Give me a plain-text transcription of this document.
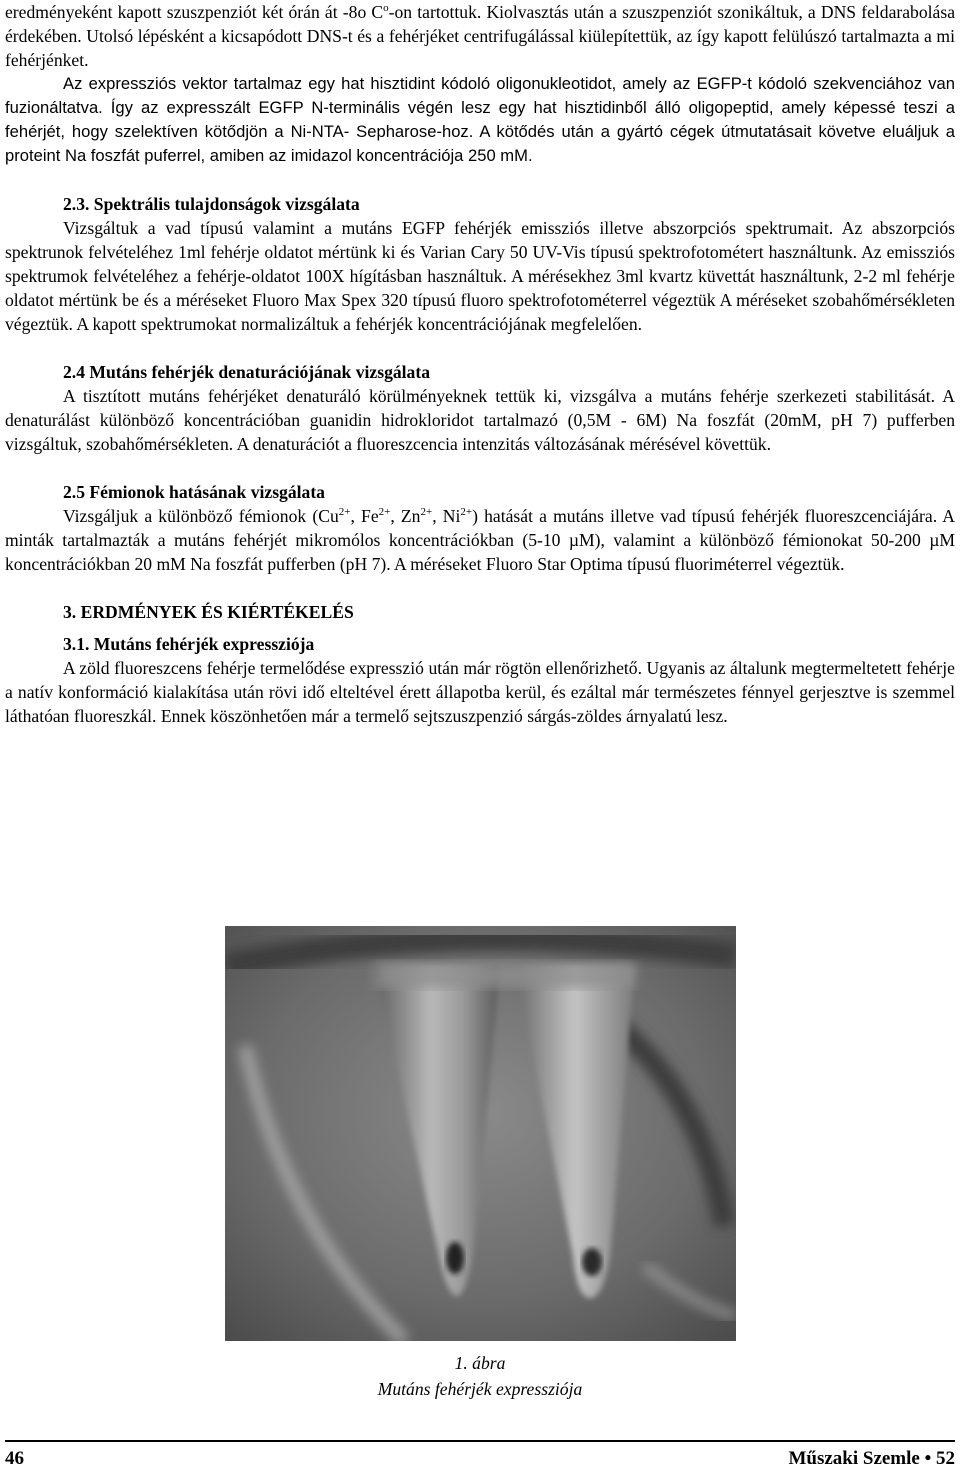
eredményeként kapott szuszpenziót két órán át -8o $C^o-on$ tartottuk. Kiolvasztás után a szuszpenziót szonikáltuk, a DNS feldarabolása érdekében. Utolsó lépésként a kicsapódott DNS-t és a fehérjéket centrifugálással kiülepítettük, az így kapott felülúszó tartalmazta a mi fehérjénket.

Az expressziós vektor tartalmaz egy hat hisztidint kódoló oligonukleotidot, amely az EGFP-t kódoló szekvenciához van fuzionáltatva. Így az expresszált EGFP N-terminális végén lesz egy hat hisztidinből álló oligopeptid, amely képessé teszi a fehérjét, hogy szelektíven kötődjön a Ni-NTA- Sepharose-hoz. A kötődés után a gyártó cégek útmutatásait követve eluáljuk a proteint Na foszfát puferrel, amiben az imidazol koncentrációja 250 mM.

2.3. Spektrális tulajdonságok vizsgálata

Vizsgáltuk a vad típusú valamint a mutáns EGFP fehérjék emissziós illetve abszorpciós spektrumait. Az abszorpciós spektrunok felvételéhez 1ml fehérje oldatot mértünk ki és Varian Cary 50 UV-Vis típusú spektrofotométert használtunk. Az emissziós spektrumok felvételéhez a fehérje-oldatot 100X hígításban használtuk. A mérésekhez 3ml kvartz küvettát használtunk, 2-2 ml fehérje oldatot mértünk be és a méréseket Fluoro Max Spex 320 típusú fluoro spektrofotométerrel végeztük A méréseket szobahőmérsékleten végeztük. A kapott spektrumokat normalizáltuk a fehérjék koncentrációjának megfelelően.

2.4 Mutáns fehérjék denaturációjának vizsgálata

A tisztított mutáns fehérjéket denaturáló körülményeknek tettük ki, vizsgálva a mutáns fehérje szerkezeti stabilitását. A denaturálást különböző koncentrációban guanidin hidrokloridot tartalmazó (0,5M - 6M) Na foszfát (20mM, pH 7) pufferben vizsgáltuk, szobahőmérsékleten. A denaturációt a fluoreszcencia intenzitás változásának mérésével követtük.

2.5 Fémionok hatásának vizsgálata

Vizsgáljuk a különböző fémionok ($Cu^{2+}$, $Fe^{2+}$, $Zn^{2+}$, $Ni^{2+}$) hatását a mutáns illetve vad típusú fehérjék fluoreszcenciájára. A minták tartalmazták a mutáns fehérjét mikromólos koncentrációkban (5-10 µM), valamint a különböző fémionokat 50-200 µM koncentrációkban 20 mM Na foszfát pufferben (pH 7). A méréseket Fluoro Star Optima típusú fluoriméterrel végeztük.

3. ERDMÉNYEK ÉS KIÉRTÉKELÉS

3.1. Mutáns fehérjék expressziója

A zöld fluoreszcens fehérje termelődése expresszió után már rögtön ellenőrizhető. Ugyanis az általunk megtermeltetett fehérje a natív konformáció kialakítása után rövi idő elteltével érett állapotba kerül, és ezáltal már természetes fénnyel gerjesztve is szemmel láthatóan fluoreszkál. Ennek köszönhetően már a termelő sejtszuszpenzió sárgás-zöldes árnyalatú lesz.

1. ábra
Mutáns fehérjék expressziója
46	Műszaki Szemle • 52
